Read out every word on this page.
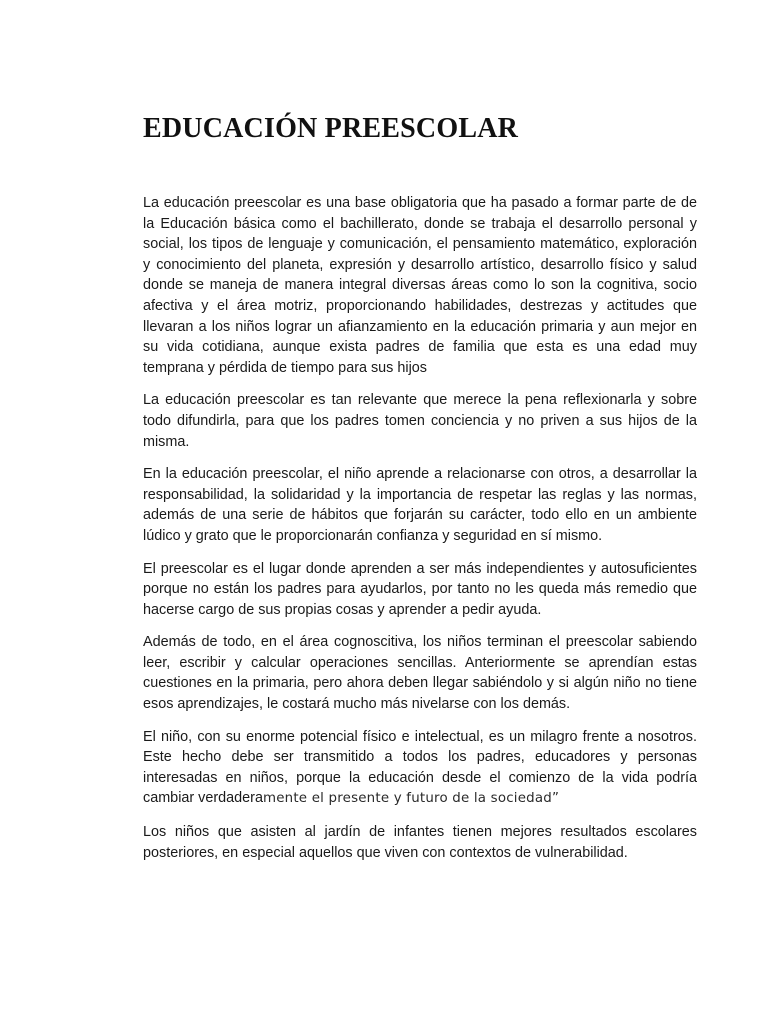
EDUCACIÓN PREESCOLAR

La educación preescolar es una base obligatoria que ha pasado a formar parte de de la Educación básica como el bachillerato, donde se trabaja el desarrollo personal y social, los tipos de lenguaje y comunicación, el pensamiento matemático, exploración y conocimiento del planeta, expresión y desarrollo artístico, desarrollo físico y salud donde se maneja de manera integral diversas áreas como lo son la cognitiva, socio afectiva y el área motriz, proporcionando habilidades, destrezas y actitudes que llevaran a los niños lograr un afianzamiento en la educación primaria y aun mejor en su vida cotidiana, aunque exista padres de familia que esta es una edad muy temprana y pérdida de tiempo para sus hijos

La educación preescolar es tan relevante que merece la pena reflexionarla y sobre todo difundirla, para que los padres tomen conciencia y no priven a sus hijos de la misma.

En la educación preescolar, el niño aprende a relacionarse con otros, a desarrollar la responsabilidad, la solidaridad y la importancia de respetar las reglas y las normas, además de una serie de hábitos que forjarán su carácter, todo ello en un ambiente lúdico y grato que le proporcionarán confianza y seguridad en sí mismo.

El preescolar es el lugar donde aprenden a ser más independientes y autosuficientes porque no están los padres para ayudarlos, por tanto no les queda más remedio que hacerse cargo de sus propias cosas y aprender a pedir ayuda.

Además de todo, en el área cognoscitiva, los niños terminan el preescolar sabiendo leer, escribir y calcular operaciones sencillas. Anteriormente se aprendían estas cuestiones en la primaria, pero ahora deben llegar sabiéndolo y si algún niño no tiene esos aprendizajes, le costará mucho más nivelarse con los demás.

El niño, con su enorme potencial físico e intelectual, es un milagro frente a nosotros. Este hecho debe ser transmitido a todos los padres, educadores y personas interesadas en niños, porque la educación desde el comienzo de la vida podría cambiar verdaderamente el presente y futuro de la sociedad”

Los niños que asisten al jardín de infantes tienen mejores resultados escolares posteriores, en especial aquellos que viven con contextos de vulnerabilidad.
